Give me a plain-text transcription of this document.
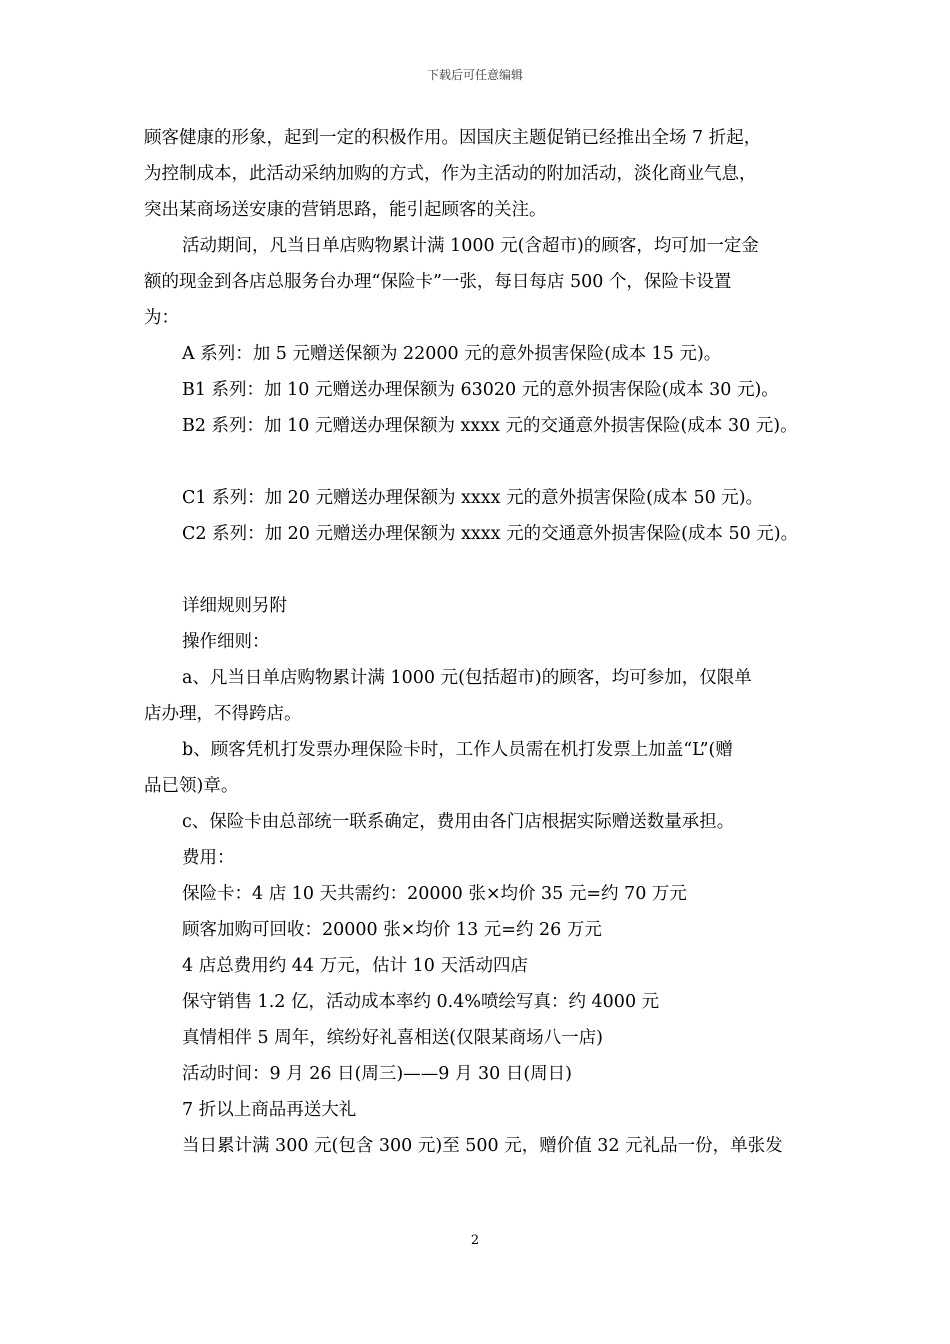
下载后可任意编辑
顾客健康的形象，起到一定的积极作用。因国庆主题促销已经推出全场 7 折起，
为控制成本，此活动采纳加购的方式，作为主活动的附加活动，淡化商业气息，
突出某商场送安康的营销思路，能引起顾客的关注。
活动期间，凡当日单店购物累计满 1000 元(含超市)的顾客，均可加一定金
额的现金到各店总服务台办理“保险卡”一张，每日每店 500 个，保险卡设置
为：
A 系列：加 5 元赠送保额为 22000 元的意外损害保险(成本 15 元)。
B1 系列：加 10 元赠送办理保额为 63020 元的意外损害保险(成本 30 元)。
B2 系列：加 10 元赠送办理保额为 xxxx 元的交通意外损害保险(成本 30 元)。
C1 系列：加 20 元赠送办理保额为 xxxx 元的意外损害保险(成本 50 元)。
C2 系列：加 20 元赠送办理保额为 xxxx 元的交通意外损害保险(成本 50 元)。
详细规则另附
操作细则：
a、凡当日单店购物累计满 1000 元(包括超市)的顾客，均可参加，仅限单
店办理，不得跨店。
b、顾客凭机打发票办理保险卡时，工作人员需在机打发票上加盖“L”(赠
品已领)章。
c、保险卡由总部统一联系确定，费用由各门店根据实际赠送数量承担。
费用：
保险卡：4 店 10 天共需约：20000 张×均价 35 元=约 70 万元
顾客加购可回收：20000 张×均价 13 元=约 26 万元
4 店总费用约 44 万元，估计 10 天活动四店
保守销售 1.2 亿，活动成本率约 0.4%喷绘写真：约 4000 元
真情相伴 5 周年，缤纷好礼喜相送(仅限某商场八一店)
活动时间：9 月 26 日(周三)——9 月 30 日(周日)
7 折以上商品再送大礼
当日累计满 300 元(包含 300 元)至 500 元，赠价值 32 元礼品一份，单张发
2
